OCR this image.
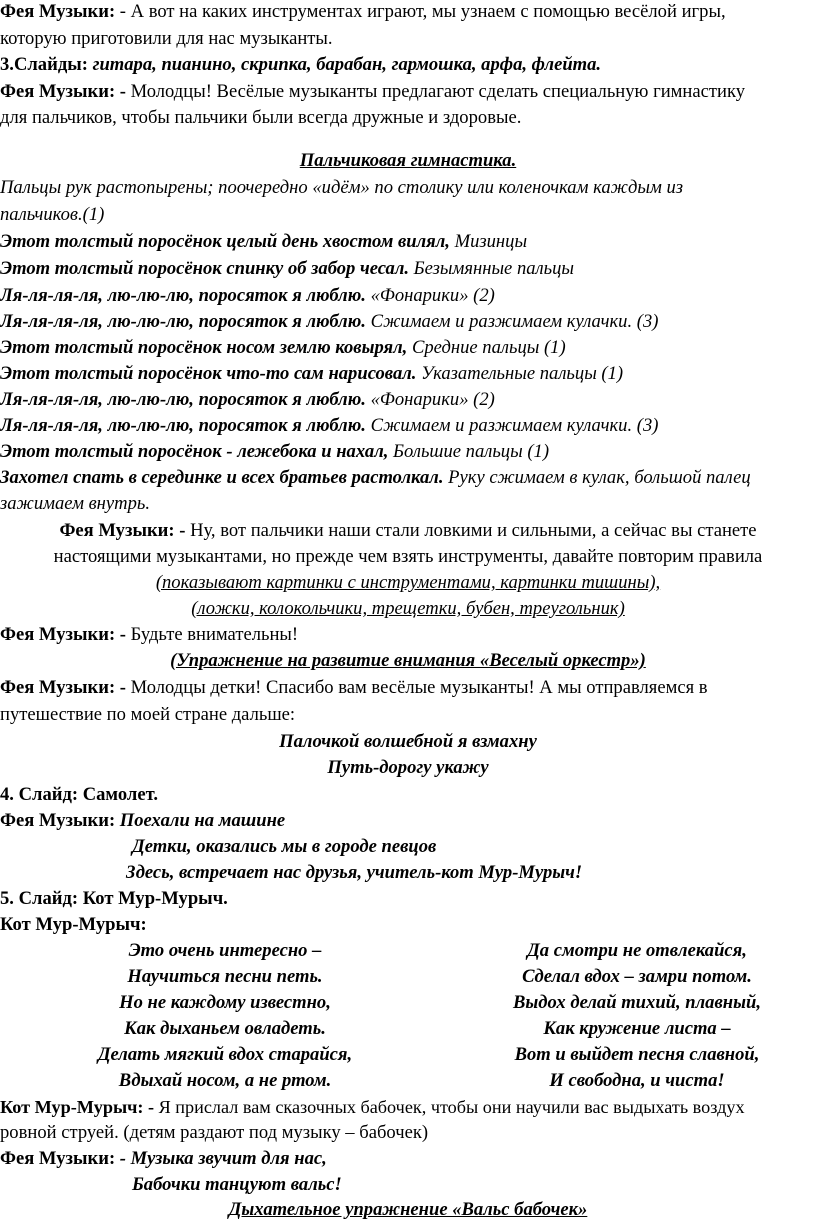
Фея Музыки: - А вот на каких инструментах играют, мы узнаем с помощью весёлой игры,
которую приготовили для нас музыканты.
3.Слайды: гитара, пианино, скрипка, барабан, гармошка, арфа, флейта.
Фея Музыки: - Молодцы! Весёлые музыканты предлагают сделать специальную гимнастику
для пальчиков, чтобы пальчики были всегда дружные и здоровые.
Пальчиковая гимнастика.
Пальцы рук растопырены; поочередно «идём» по столику или коленочкам каждым из
пальчиков.(1)
Этот толстый поросёнок целый день хвостом вилял, Мизинцы
Этот толстый поросёнок спинку об забор чесал. Безымянные пальцы
Ля-ля-ля-ля, лю-лю-лю, поросяток я люблю. «Фонарики» (2)
Ля-ля-ля-ля, лю-лю-лю, поросяток я люблю. Сжимаем и разжимаем кулачки. (3)
Этот толстый поросёнок носом землю ковырял, Средние пальцы (1)
Этот толстый поросёнок что-то сам нарисовал. Указательные пальцы (1)
Ля-ля-ля-ля, лю-лю-лю, поросяток я люблю. «Фонарики» (2)
Ля-ля-ля-ля, лю-лю-лю, поросяток я люблю. Сжимаем и разжимаем кулачки. (3)
Этот толстый поросёнок - лежебока и нахал, Большие пальцы (1)
Захотел спать в серединке и всех братьев растолкал. Руку сжимаем в кулак, большой палец
зажимаем внутрь.
Фея Музыки: - Ну, вот пальчики наши стали ловкими и сильными, а сейчас вы станете
настоящими музыкантами, но прежде чем взять инструменты, давайте повторим правила
(показывают картинки с инструментами, картинки тишины),
(ложки, колокольчики, трещетки, бубен, треугольник)
Фея Музыки: - Будьте внимательны!
(Упражнение на развитие внимания «Веселый оркестр»)
Фея Музыки: - Молодцы детки! Спасибо вам весёлые музыканты! А мы отправляемся в
путешествие по моей стране дальше:
Палочкой волшебной я взмахну
Путь-дорогу укажу
4. Слайд: Самолет.
Фея Музыки: Поехали на машине
Детки, оказались мы в городе певцов
Здесь, встречает нас друзья, учитель-кот Мур-Мурыч!
5. Слайд: Кот Мур-Мурыч.
Кот Мур-Мурыч:
Это очень интересно –
Научиться песни петь.
Но не каждому известно,
Как дыханьем овладеть.
Делать мягкий вдох старайся,
Вдыхай носом, а не ртом.
Да смотри не отвлекайся,
Сделал вдох – замри потом.
Выдох делай тихий, плавный,
Как кружение листа –
Вот и выйдет песня славной,
И свободна, и чиста!
Кот Мур-Мурыч: - Я прислал вам сказочных бабочек, чтобы они научили вас выдыхать воздух
ровной струей. (детям раздают под музыку – бабочек)
Фея Музыки: - Музыка звучит для нас,
Бабочки танцуют вальс!
Дыхательное упражнение «Вальс бабочек»
